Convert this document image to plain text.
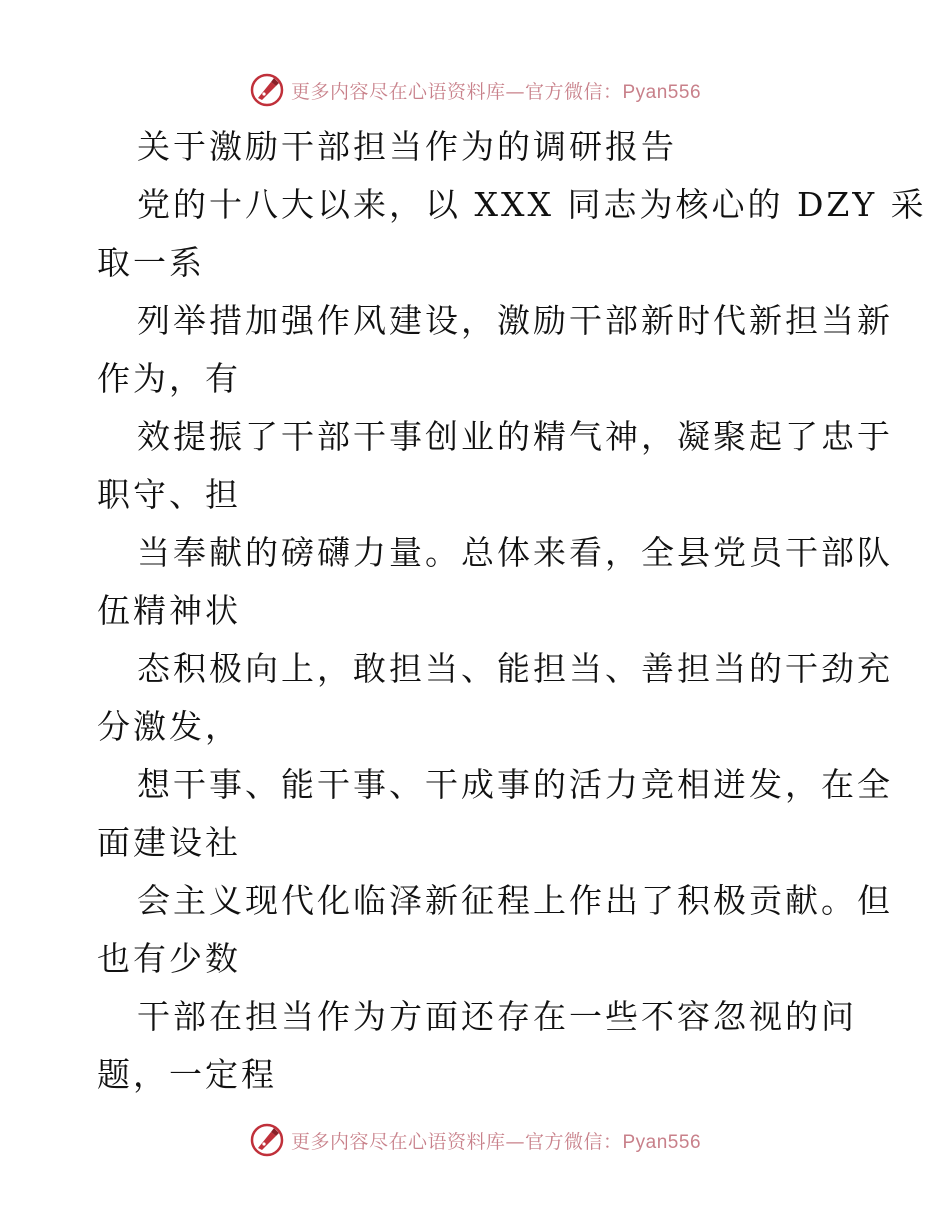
更多内容尽在心语资料库—官方微信：Pyan556
关于激励干部担当作为的调研报告
党的十八大以来，以 XXX 同志为核心的 DZY 采
取一系
列举措加强作风建设，激励干部新时代新担当新
作为，有
效提振了干部干事创业的精气神，凝聚起了忠于
职守、担
当奉献的磅礴力量。总体来看，全县党员干部队
伍精神状
态积极向上，敢担当、能担当、善担当的干劲充
分激发，
想干事、能干事、干成事的活力竞相迸发，在全
面建设社
会主义现代化临泽新征程上作出了积极贡献。但
也有少数
干部在担当作为方面还存在一些不容忽视的问
题，一定程
更多内容尽在心语资料库—官方微信：Pyan556
